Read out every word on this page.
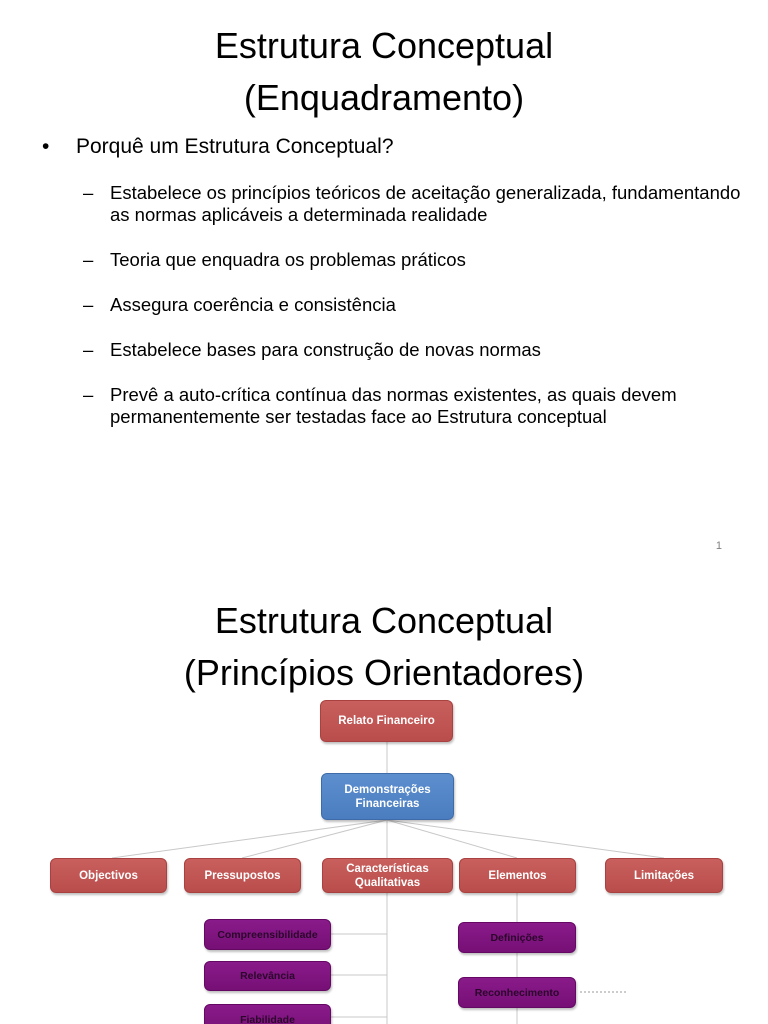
Estrutura Conceptual
(Enquadramento)
•	Porquê um Estrutura Conceptual?
– Estabelece os princípios teóricos de aceitação generalizada, fundamentando as normas aplicáveis a determinada realidade
– Teoria que enquadra os problemas práticos
– Assegura coerência e consistência
– Estabelece bases para construção de novas normas
– Prevê a auto-crítica contínua das normas existentes, as quais devem permanentemente ser testadas face ao Estrutura conceptual
1
Estrutura Conceptual
(Princípios Orientadores)
Relato Financeiro
Demonstrações Financeiras
Objectivos	Pressupostos
Características Qualitativas
Elementos	Limitações
Compreensibilidade
Relevância
Fiabilidade
Definições
Reconhecimento
